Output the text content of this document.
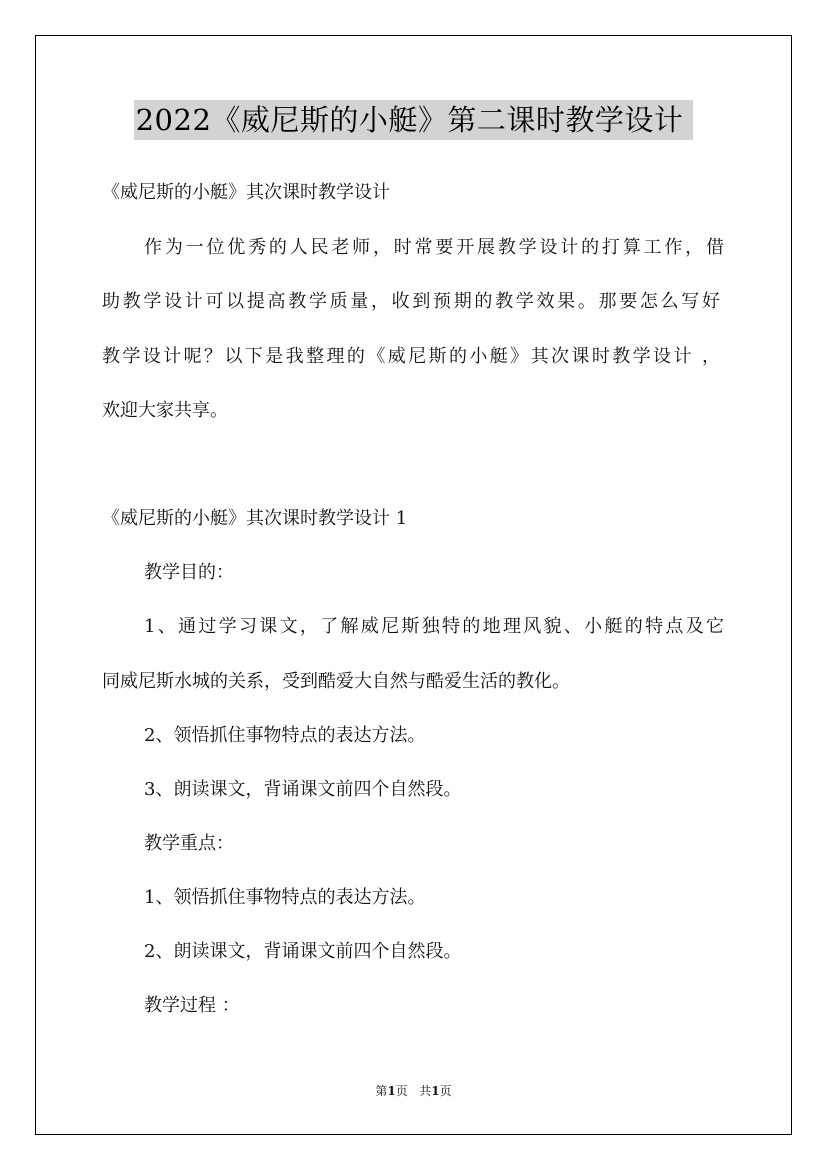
2022《威尼斯的小艇》第二课时教学设计
《威尼斯的小艇》其次课时教学设计
作为一位优秀的人民老师，时常要开展教学设计的打算工作，借
助教学设计可以提高教学质量，收到预期的教学效果。那要怎么写好
教学设计呢？以下是我整理的《威尼斯的小艇》其次课时教学设计 ，
欢迎大家共享。
《威尼斯的小艇》其次课时教学设计 1
教学目的：
1、通过学习课文，了解威尼斯独特的地理风貌、小艇的特点及它
同威尼斯水城的关系，受到酷爱大自然与酷爱生活的教化。
2、领悟抓住事物特点的表达方法。
3、朗读课文，背诵课文前四个自然段。
教学重点：
1、领悟抓住事物特点的表达方法。
2、朗读课文，背诵课文前四个自然段。
教学过程 ：
第1页 共1页
